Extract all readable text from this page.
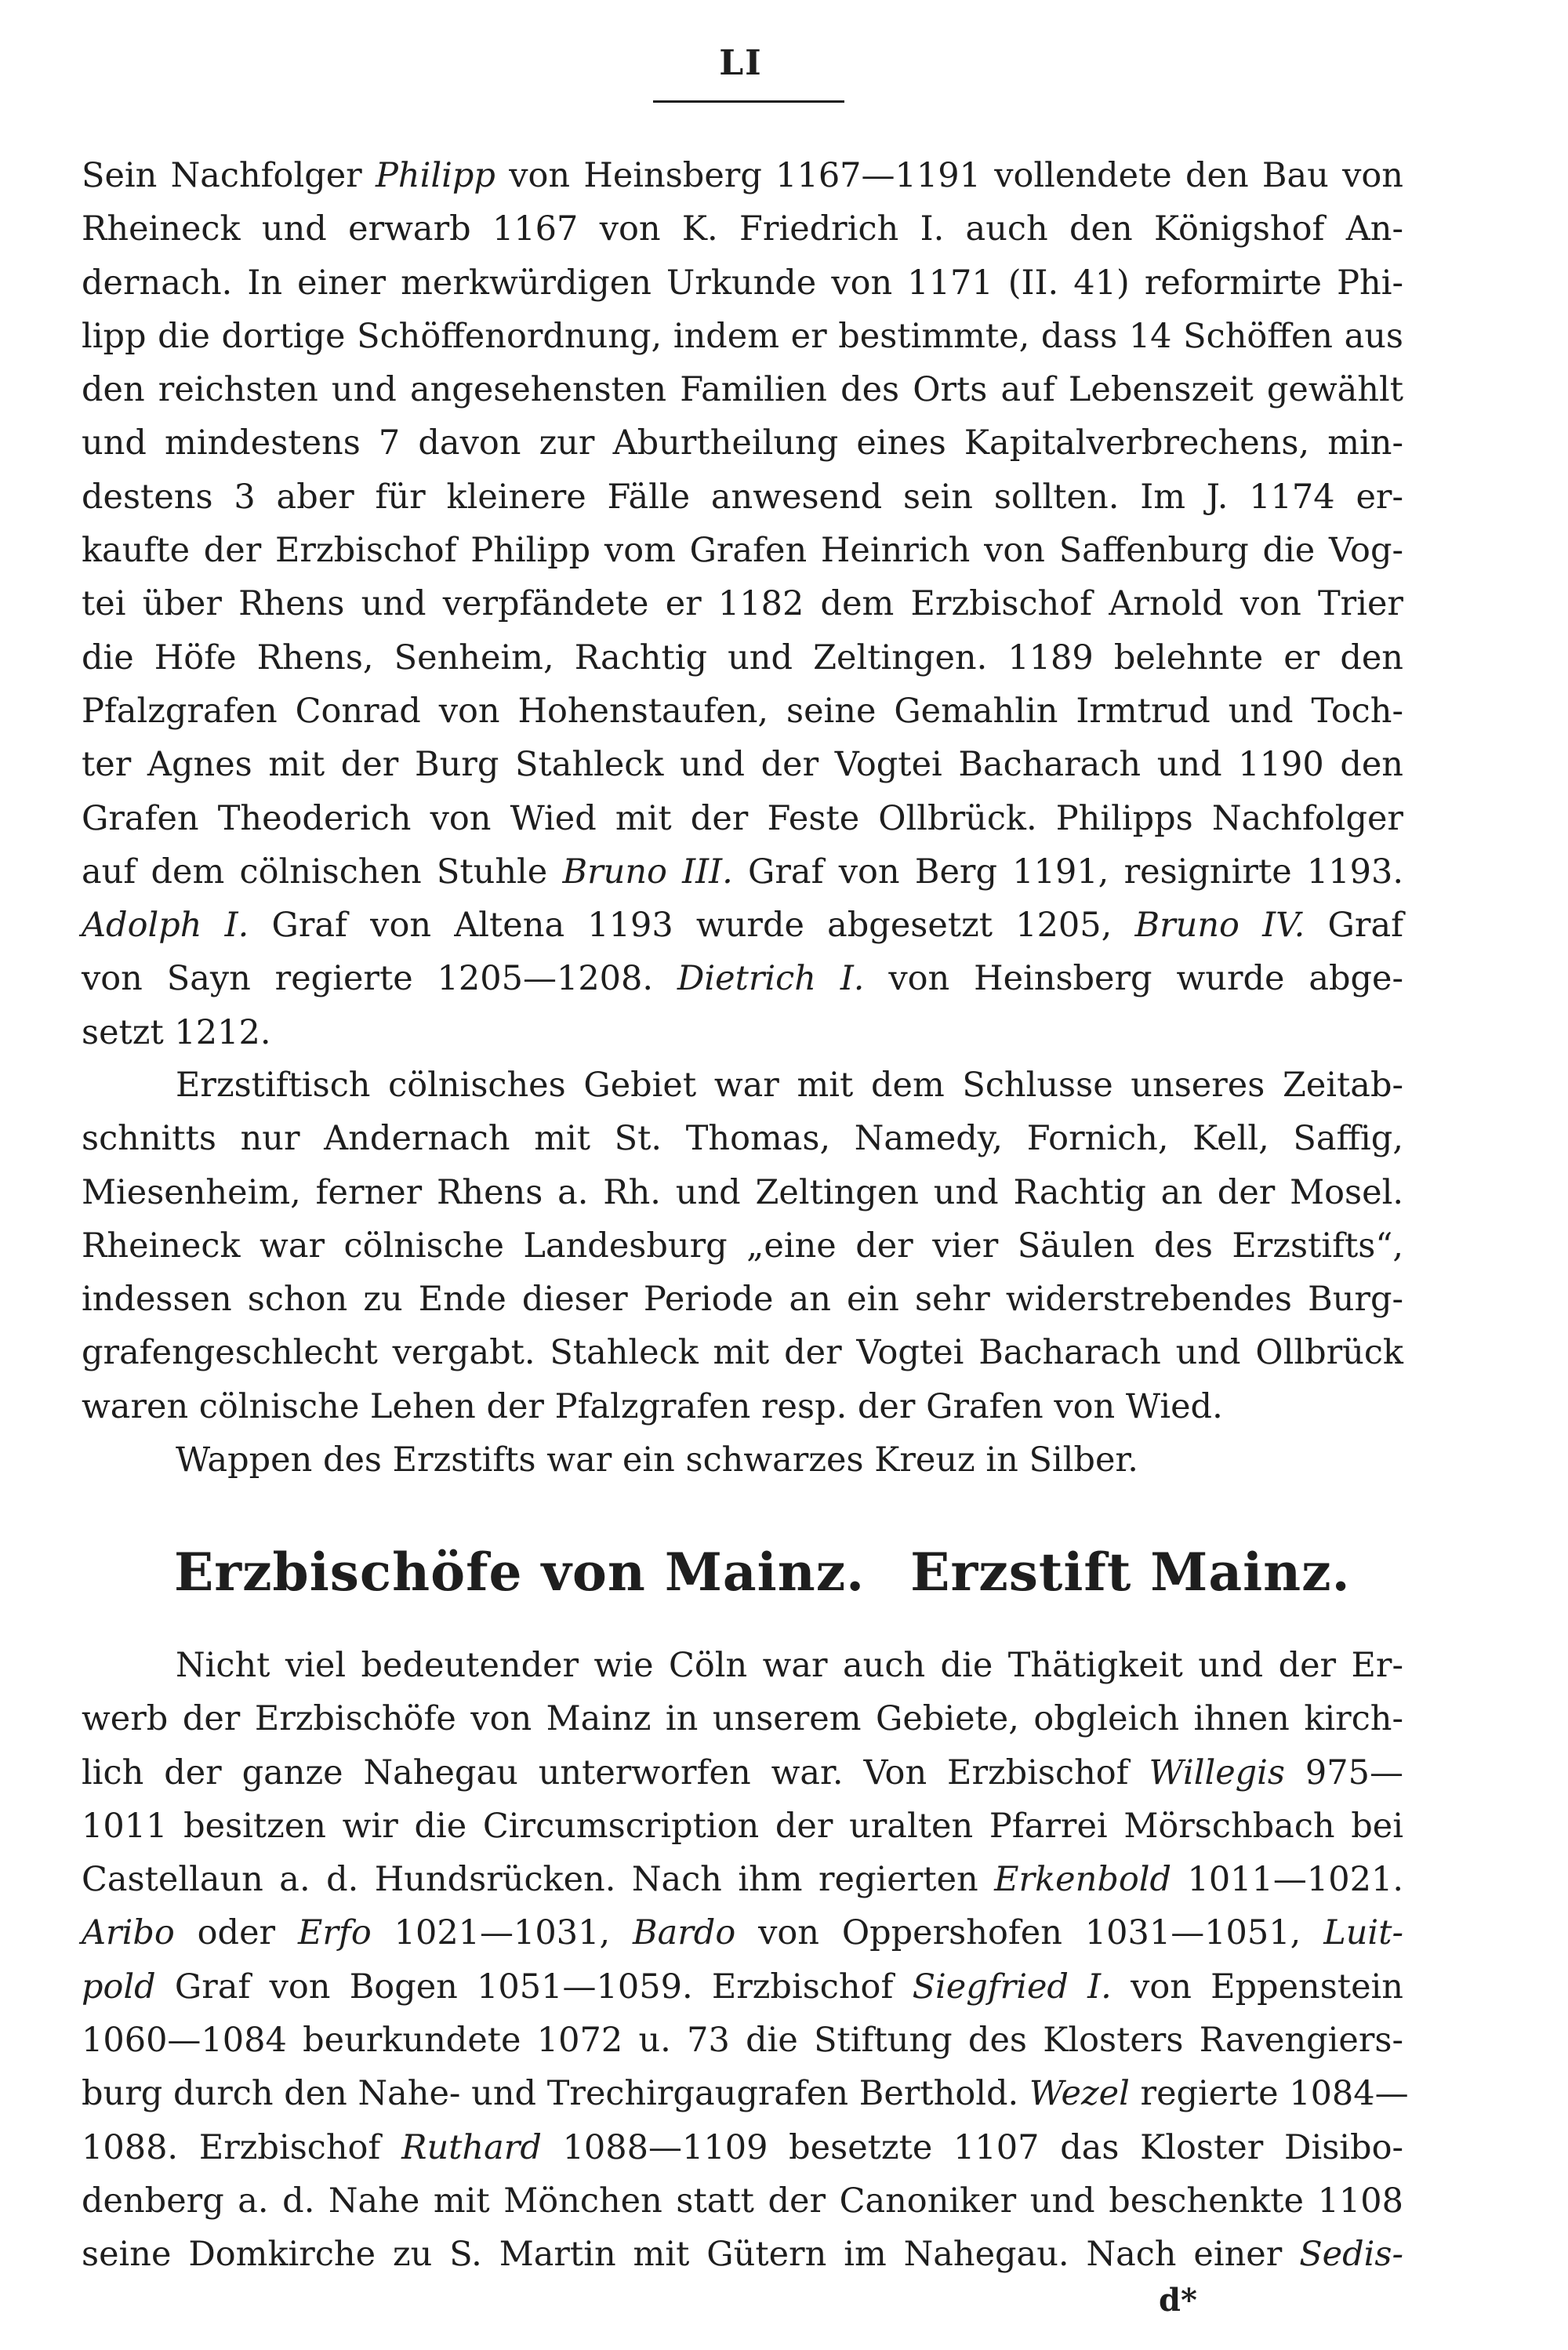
LI
Sein Nachfolger Philipp von Heinsberg 1167—1191 vollendete den Bau von
Rheineck und erwarb 1167 von K. Friedrich I. auch den Königshof An-
dernach. In einer merkwürdigen Urkunde von 1171 (II. 41) reformirte Phi-
lipp die dortige Schöffenordnung, indem er bestimmte, dass 14 Schöffen aus
den reichsten und angesehensten Familien des Orts auf Lebenszeit gewählt
und mindestens 7 davon zur Aburtheilung eines Kapitalverbrechens, min-
destens 3 aber für kleinere Fälle anwesend sein sollten. Im J. 1174 er-
kaufte der Erzbischof Philipp vom Grafen Heinrich von Saffenburg die Vog-
tei über Rhens und verpfändete er 1182 dem Erzbischof Arnold von Trier
die Höfe Rhens, Senheim, Rachtig und Zeltingen. 1189 belehnte er den
Pfalzgrafen Conrad von Hohenstaufen, seine Gemahlin Irmtrud und Toch-
ter Agnes mit der Burg Stahleck und der Vogtei Bacharach und 1190 den
Grafen Theoderich von Wied mit der Feste Ollbrück. Philipps Nachfolger
auf dem cölnischen Stuhle Bruno III. Graf von Berg 1191, resignirte 1193.
Adolph I. Graf von Altena 1193 wurde abgesetzt 1205, Bruno IV. Graf
von Sayn regierte 1205—1208. Dietrich I. von Heinsberg wurde abge-
setzt 1212.
Erzstiftisch cölnisches Gebiet war mit dem Schlusse unseres Zeitab-
schnitts nur Andernach mit St. Thomas, Namedy, Fornich, Kell, Saffig,
Miesenheim, ferner Rhens a. Rh. und Zeltingen und Rachtig an der Mosel.
Rheineck war cölnische Landesburg „eine der vier Säulen des Erzstifts“,
indessen schon zu Ende dieser Periode an ein sehr widerstrebendes Burg-
grafengeschlecht vergabt. Stahleck mit der Vogtei Bacharach und Ollbrück
waren cölnische Lehen der Pfalzgrafen resp. der Grafen von Wied.
Wappen des Erzstifts war ein schwarzes Kreuz in Silber.
Erzbischöfe von Mainz. Erzstift Mainz.
Nicht viel bedeutender wie Cöln war auch die Thätigkeit und der Er-
werb der Erzbischöfe von Mainz in unserem Gebiete, obgleich ihnen kirch-
lich der ganze Nahegau unterworfen war. Von Erzbischof Willegis 975—
1011 besitzen wir die Circumscription der uralten Pfarrei Mörschbach bei
Castellaun a. d. Hundsrücken. Nach ihm regierten Erkenbold 1011—1021.
Aribo oder Erfo 1021—1031, Bardo von Oppershofen 1031—1051, Luit-
pold Graf von Bogen 1051—1059. Erzbischof Siegfried I. von Eppenstein
1060—1084 beurkundete 1072 u. 73 die Stiftung des Klosters Ravengiers-
burg durch den Nahe- und Trechirgaugrafen Berthold. Wezel regierte 1084—
1088. Erzbischof Ruthard 1088—1109 besetzte 1107 das Kloster Disibo-
denberg a. d. Nahe mit Mönchen statt der Canoniker und beschenkte 1108
seine Domkirche zu S. Martin mit Gütern im Nahegau. Nach einer Sedis-
d*
